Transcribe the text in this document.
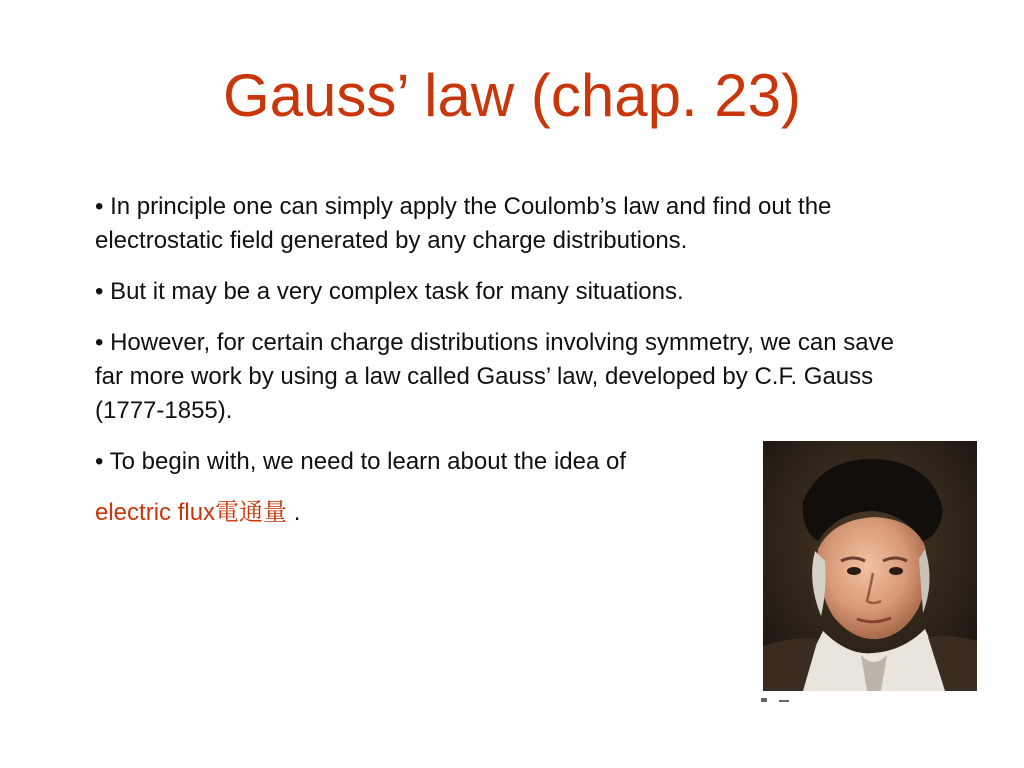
Gauss’ law (chap. 23)

• In principle one can simply apply the Coulomb’s law and find out the electrostatic field generated by any charge distributions.

• But it may be a very complex task for many situations.

• However, for certain charge distributions involving symmetry, we can save far more work by using a law called Gauss’ law, developed by C.F. Gauss (1777-1855).

• To begin with, we need to learn about the idea of

electric flux電通量 .
